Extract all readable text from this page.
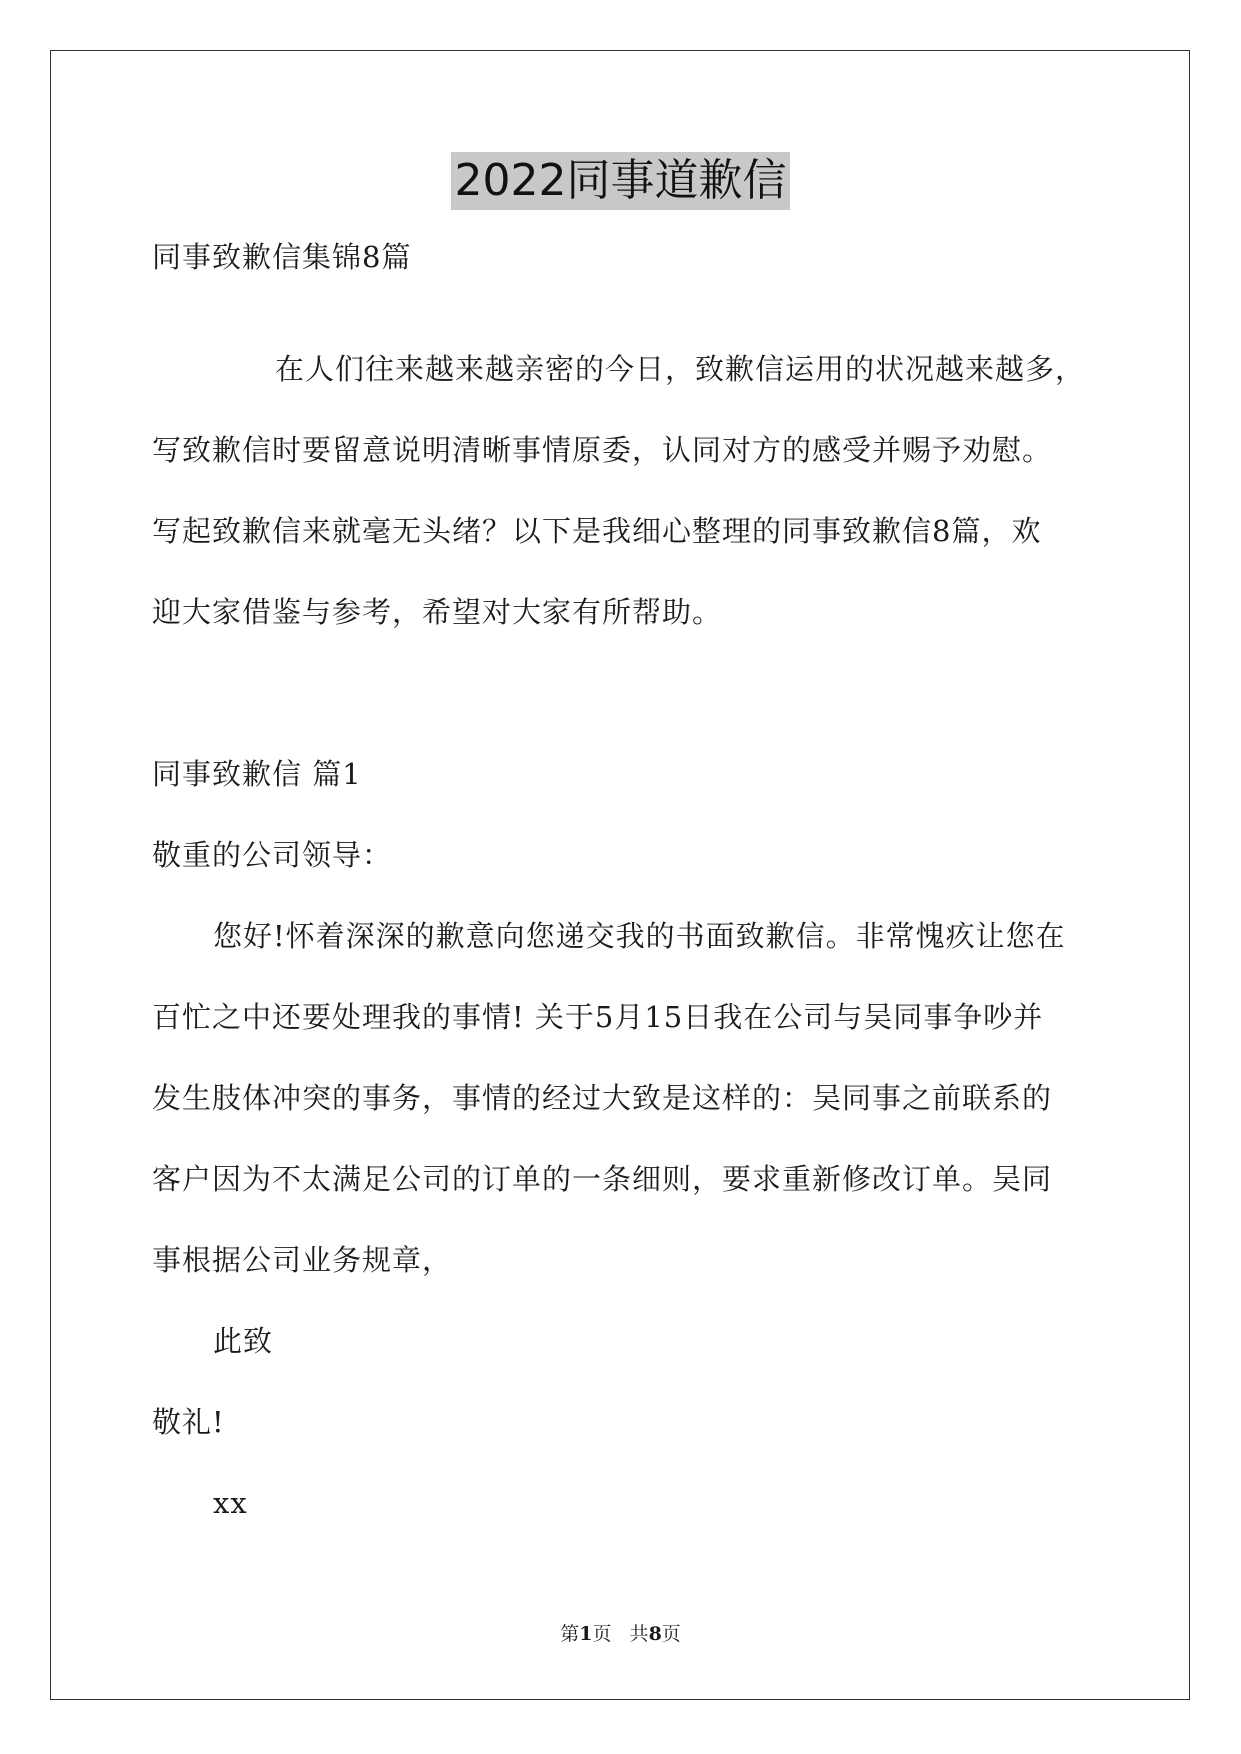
2022同事道歉信
同事致歉信集锦8篇
在人们往来越来越亲密的今日，致歉信运用的状况越来越多，
写致歉信时要留意说明清晰事情原委，认同对方的感受并赐予劝慰。
写起致歉信来就毫无头绪？以下是我细心整理的同事致歉信8篇，欢
迎大家借鉴与参考，希望对大家有所帮助。
同事致歉信 篇1
敬重的公司领导：
您好!怀着深深的歉意向您递交我的书面致歉信。非常愧疚让您在
百忙之中还要处理我的事情! 关于5月15日我在公司与吴同事争吵并
发生肢体冲突的事务，事情的经过大致是这样的：吴同事之前联系的
客户因为不太满足公司的订单的一条细则，要求重新修改订单。吴同
事根据公司业务规章，
此致
敬礼!
xx
第1页   共8页
